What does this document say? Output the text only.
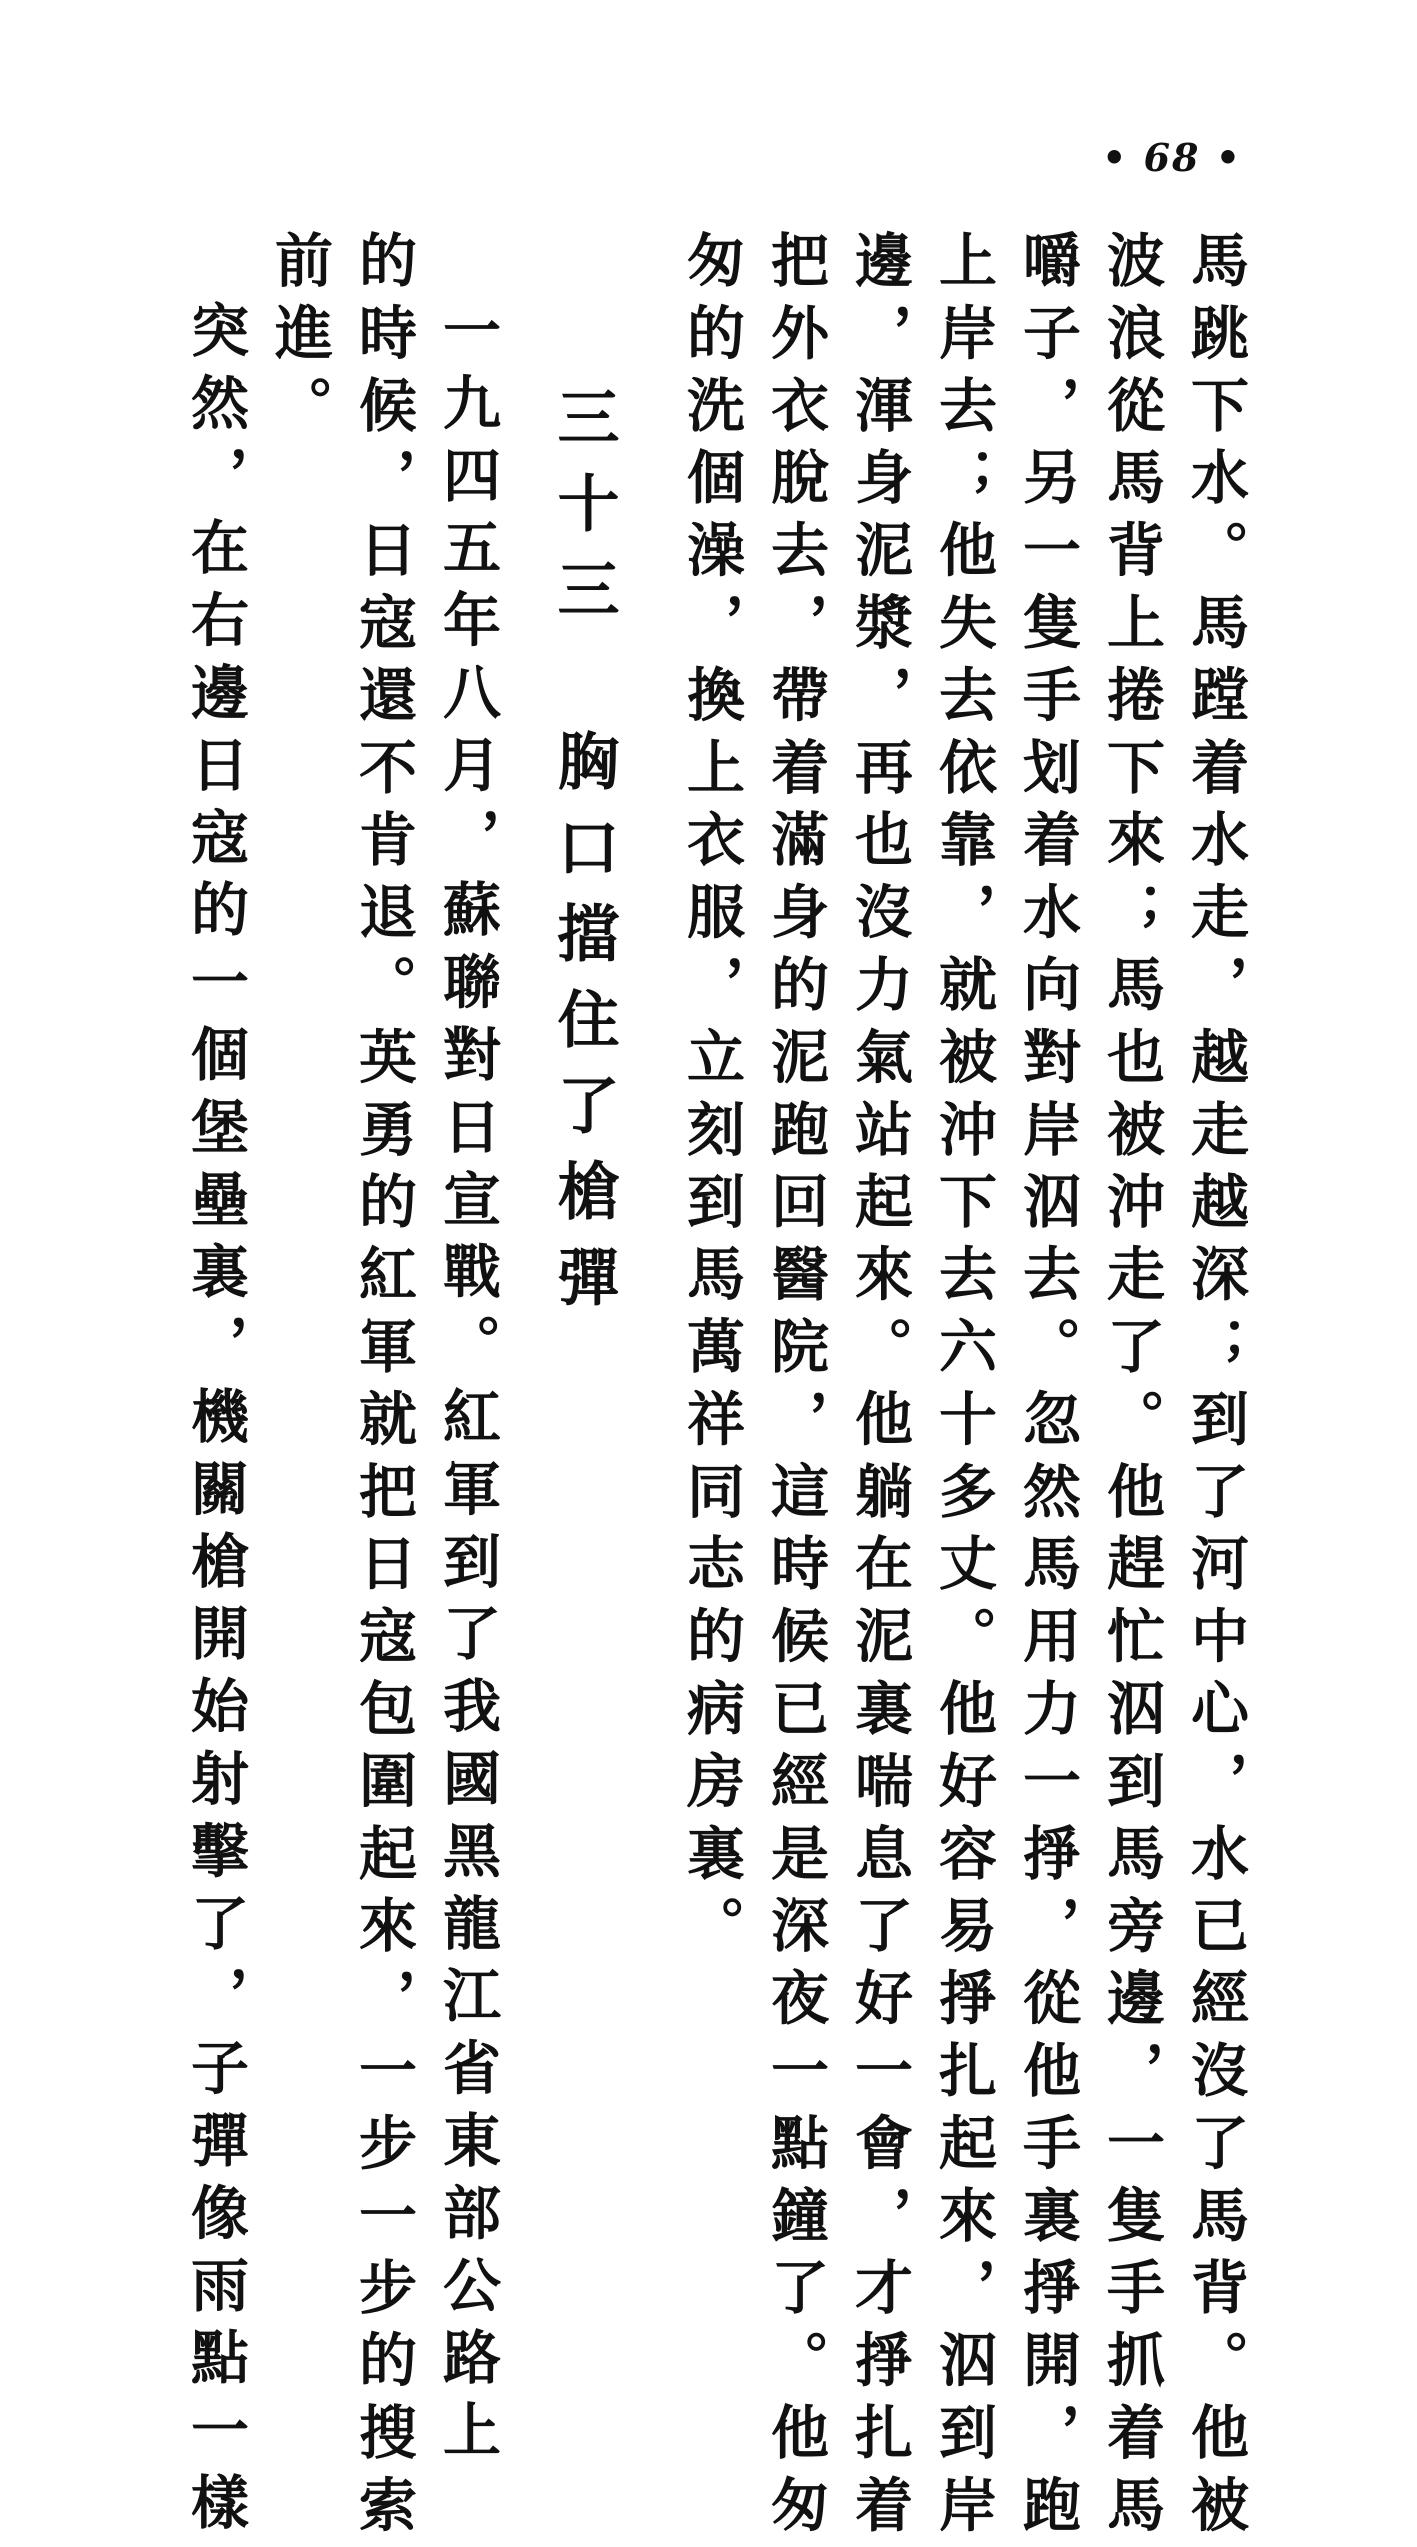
• 68 •
馬跳下水。馬蹚着水走，越走越深；到了河中心，水已經沒了馬背。他被
波浪從馬背上捲下來；馬也被沖走了。他趕忙泅到馬旁邊，一隻手抓着馬
嚼子，另一隻手划着水向對岸泅去。忽然馬用力一掙，從他手裏掙開，跑
上岸去；他失去依靠，就被沖下去六十多丈。他好容易掙扎起來，泅到岸
邊，渾身泥漿，再也沒力氣站起來。他躺在泥裏喘息了好一會，才掙扎着
把外衣脫去，帶着滿身的泥跑回醫院，這時候已經是深夜一點鐘了。他匆
匆的洗個澡，換上衣服，立刻到馬萬祥同志的病房裏。
三十三　胸口擋住了槍彈
一九四五年八月，蘇聯對日宣戰。紅軍到了我國黑龍江省東部公路上
的時候，日寇還不肯退。英勇的紅軍就把日寇包圍起來，一步一步的搜索
前進。
突然，在右邊日寇的一個堡壘裏，機關槍開始射擊了，子彈像雨點一樣
